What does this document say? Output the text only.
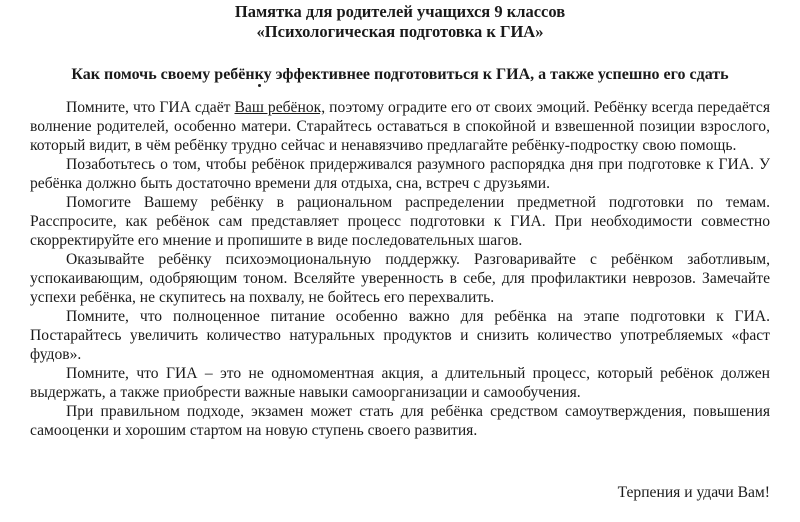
Памятка для родителей учащихся 9 классов

«Психологическая подготовка к ГИА»

Как помочь своему ребёнку эффективнее подготовиться к ГИА, а также успешно его сдать

Помните, что ГИА сдаёт Ваш ребёнок, поэтому оградите его от своих эмоций. Ребёнку всегда передаётся волнение родителей, особенно матери. Старайтесь оставаться в спокойной и взвешенной позиции взрослого, который видит, в чём ребёнку трудно сейчас и ненавязчиво предлагайте ребёнку-подростку свою помощь.

Позаботьтесь о том, чтобы ребёнок придерживался разумного распорядка дня при подготовке к ГИА. У ребёнка должно быть достаточно времени для отдыха, сна, встреч с друзьями.

Помогите Вашему ребёнку в рациональном распределении предметной подготовки по темам. Расспросите, как ребёнок сам представляет процесс подготовки к ГИА. При необходимости совместно скорректируйте его мнение и пропишите в виде последовательных шагов.

Оказывайте ребёнку психоэмоциональную поддержку. Разговаривайте с ребёнком заботливым, успокаивающим, одобряющим тоном. Вселяйте уверенность в себе, для профилактики неврозов. Замечайте успехи ребёнка, не скупитесь на похвалу, не бойтесь его перехвалить.

Помните, что полноценное питание особенно важно для ребёнка на этапе подготовки к ГИА. Постарайтесь увеличить количество натуральных продуктов и снизить количество употребляемых «фаст фудов».

Помните, что ГИА – это не одномоментная акция, а длительный процесс, который ребёнок должен выдержать, а также приобрести важные навыки самоорганизации и самообучения.

При правильном подходе, экзамен может стать для ребёнка средством самоутверждения, повышения самооценки и хорошим стартом на новую ступень своего развития.

Терпения и удачи Вам!
